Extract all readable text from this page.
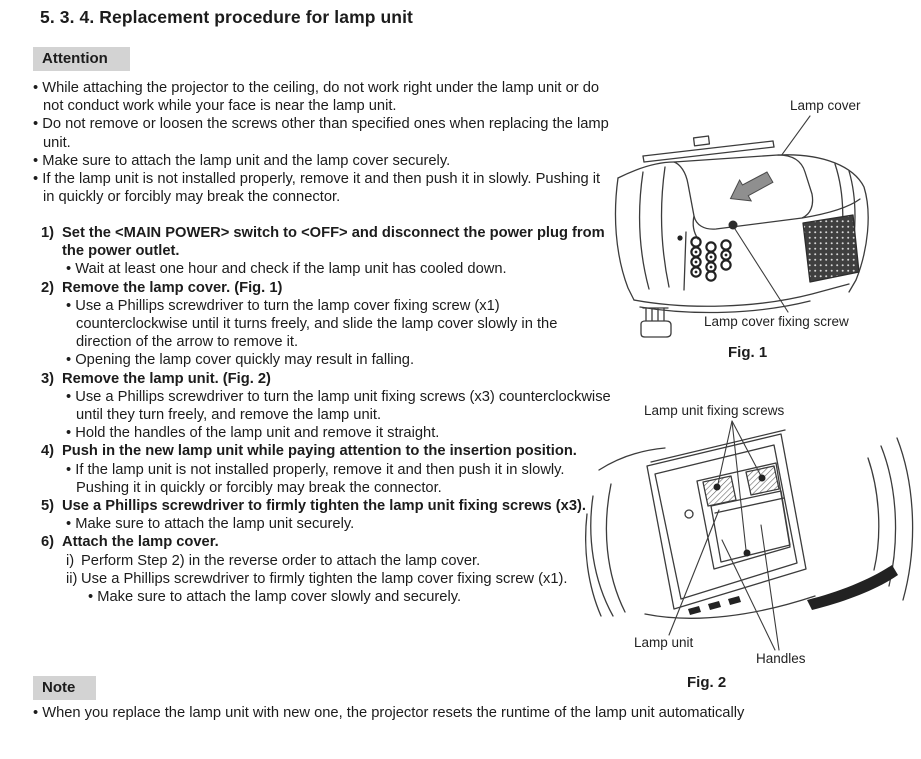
5. 3. 4. Replacement procedure for lamp unit
Attention
• While attaching the projector to the ceiling, do not work right under the lamp unit or do not conduct work while your face is near the lamp unit.
• Do not remove or loosen the screws other than specified ones when replacing the lamp unit.
• Make sure to attach the lamp unit and the lamp cover securely.
• If the lamp unit is not installed properly, remove it and then push it in slowly. Pushing it in quickly or forcibly may break the connector.
1) Set the <MAIN POWER> switch to <OFF> and disconnect the power plug from the power outlet.
• Wait at least one hour and check if the lamp unit has cooled down.
2) Remove the lamp cover. (Fig. 1)
• Use a Phillips screwdriver to turn the lamp cover fixing screw (x1) counterclockwise until it turns freely, and slide the lamp cover slowly in the direction of the arrow to remove it.
• Opening the lamp cover quickly may result in falling.
3) Remove the lamp unit. (Fig. 2)
• Use a Phillips screwdriver to turn the lamp unit fixing screws (x3) counterclockwise until they turn freely, and remove the lamp unit.
• Hold the handles of the lamp unit and remove it straight.
4) Push in the new lamp unit while paying attention to the insertion position.
• If the lamp unit is not installed properly, remove it and then push it in slowly. Pushing it in quickly or forcibly may break the connector.
5) Use a Phillips screwdriver to firmly tighten the lamp unit fixing screws (x3).
• Make sure to attach the lamp unit securely.
6) Attach the lamp cover.
i) Perform Step 2) in the reverse order to attach the lamp cover.
ii) Use a Phillips screwdriver to firmly tighten the lamp cover fixing screw (x1).
• Make sure to attach the lamp cover slowly and securely.
Note
• When you replace the lamp unit with new one, the projector resets the runtime of the lamp unit automatically
Lamp cover
Lamp cover fixing screw
Fig. 1
Lamp unit fixing screws
Lamp unit
Handles
Fig. 2
